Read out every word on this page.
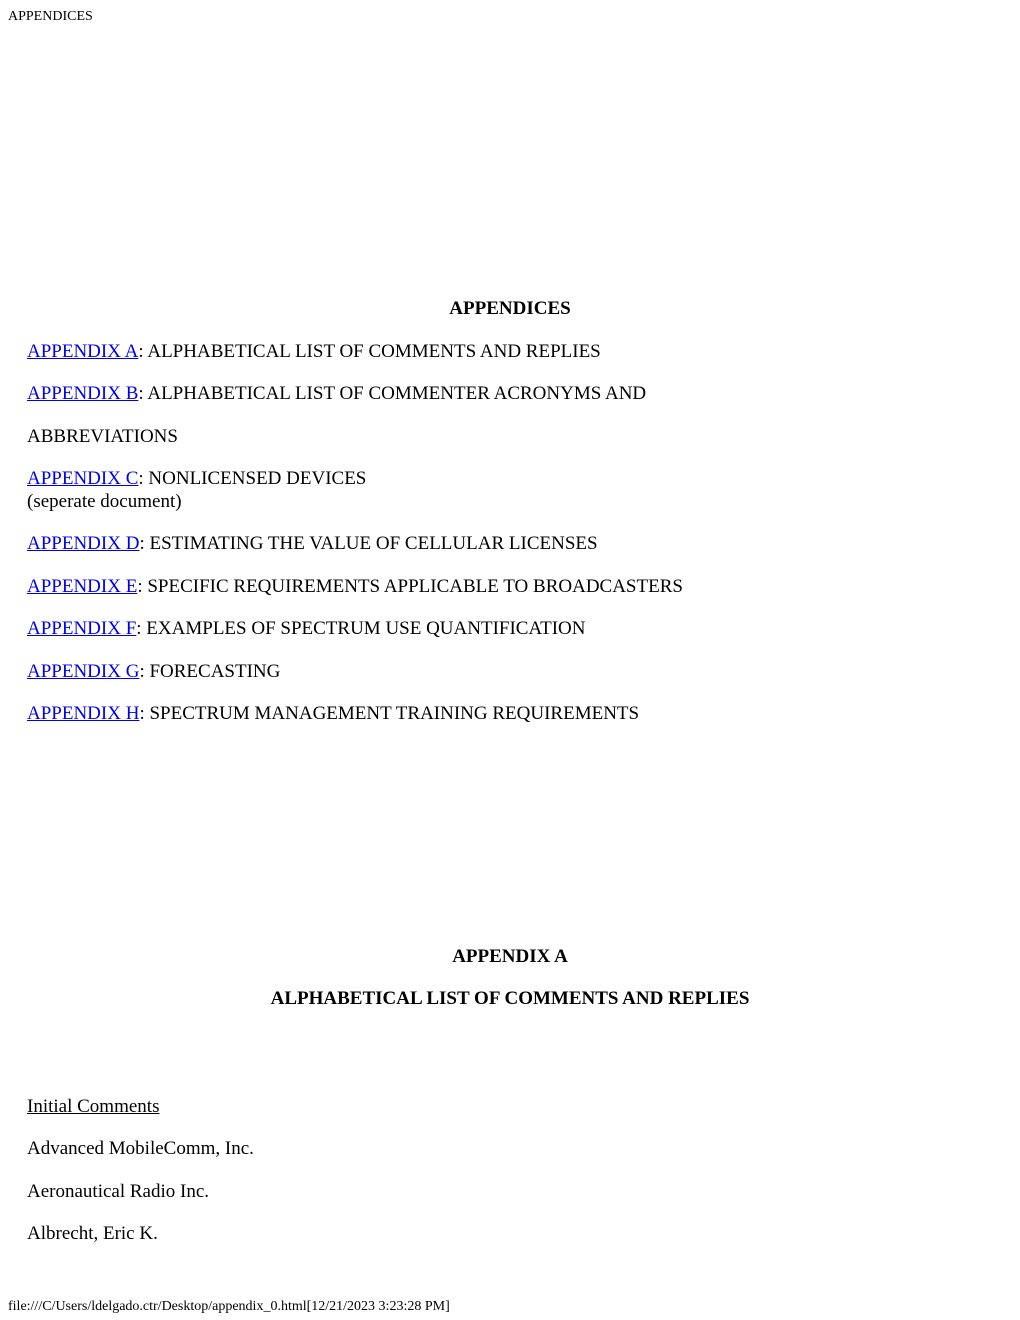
APPENDICES
APPENDICES
APPENDIX A: ALPHABETICAL LIST OF COMMENTS AND REPLIES
APPENDIX B: ALPHABETICAL LIST OF COMMENTER ACRONYMS AND
ABBREVIATIONS
APPENDIX C: NONLICENSED DEVICES
(seperate document)
APPENDIX D: ESTIMATING THE VALUE OF CELLULAR LICENSES
APPENDIX E: SPECIFIC REQUIREMENTS APPLICABLE TO BROADCASTERS
APPENDIX F: EXAMPLES OF SPECTRUM USE QUANTIFICATION
APPENDIX G: FORECASTING
APPENDIX H: SPECTRUM MANAGEMENT TRAINING REQUIREMENTS
APPENDIX A
ALPHABETICAL LIST OF COMMENTS AND REPLIES
Initial Comments
Advanced MobileComm, Inc.
Aeronautical Radio Inc.
Albrecht, Eric K.
file:///C/Users/ldelgado.ctr/Desktop/appendix_0.html[12/21/2023 3:23:28 PM]
